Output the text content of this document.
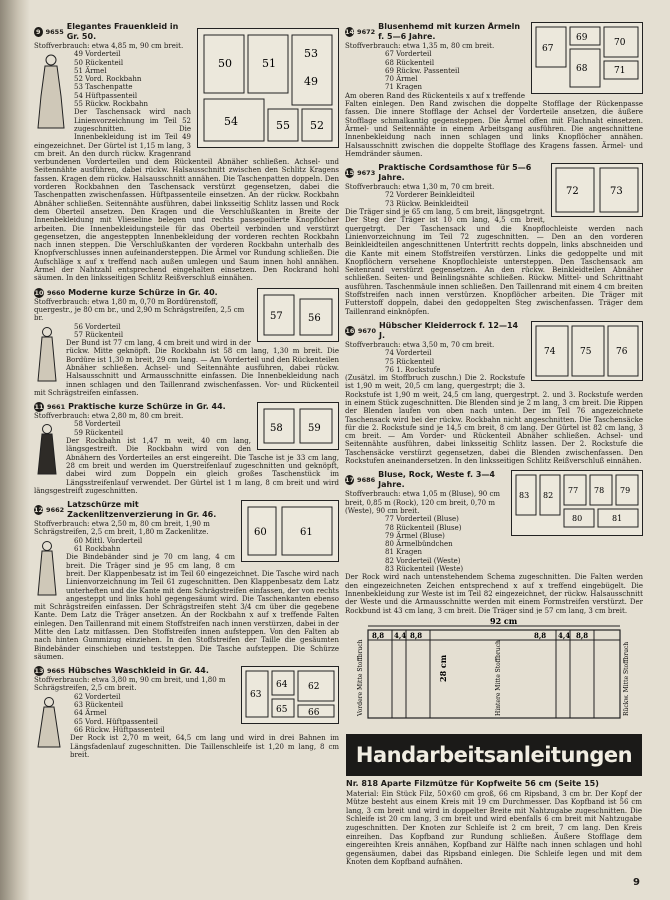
50	51
53
49
54	55 52
9 9655
Elegantes Frauenkleid in Gr. 50.
Stoffverbrauch: etwa 4,85 m, 90 cm breit.
49 Vorderteil
50 Rückenteil
51 Ärmel
52 Vord. Rockbahn
53 Taschenpatte
54 Hüftpassenteil
55 Rückw. Rockbahn
Der Taschensack wird nach Linienvorzeichnung im Teil 52 zugeschnitten. Die Innenbekleidung ist im Teil 49 eingezeichnet. Der Gürtel ist 1,15 m lang, 3 cm breit. An den durch rückw. Kragenrand verbundenen Vorderteilen und dem Rückenteil Abnäher schließen. Achsel- und Seitennähte ausführen, dabei rückw. Halsausschnitt zwischen den Schlitz Kragens fassen. Kragen dem rückw. Halsausschnitt annähen. Die Taschenpatten doppeln. Den vorderen Rockbahnen den Taschensack verstürzt gegensetzen, dabei die Taschenpatten zwischenfassen. Hüftpassenteile einsetzen. An der rückw. Rockbahn Abnäher schließen. Seitennähte ausführen, dabei linksseitig Schlitz lassen und Rock dem Oberteil ansetzen. Den Kragen und die Verschlußkanten in Breite der Innenbekleidung mit Vlieseline belegen und rechts passepoilierte Knopflöcher arbeiten. Die Innenbekleidungsteile für das Oberteil verbinden und verstürzt gegensetzen, die angesteppten Innenbekleidung der vorderen rechten Rockbahn nach innen steppen. Die Verschlußkanten der vorderen Rockbahn unterhalb des Knopfverschlusses innen aufeinandersteppen. Die Ärmel vor Rundung schließen. Die Aufschläge x auf x treffend nach außen umlegen und Saum innen hohl annähen. Ärmel der Nahtzahl entsprechend eingehalten einsetzen. Den Rockrand hohl säumen. In den linksseitigen Schlitz Reißverschluß einnähen.
57	56
10 9660 Moderne kurze Schürze in Gr. 40.
Stoffverbrauch: etwa 1,80 m, 0,70 m Bordürenstoff, quergestr., je 80 cm br., und 2,90 m Schrägstreifen, 2,5 cm br.
56 Vorderteil
57 Rückenteil
Der Bund ist 77 cm lang, 4 cm breit und wird in der rückw. Mitte geknöpft. Die Rockbahn ist 58 cm lang, 1,30 m breit. Die Bordüre ist 1,30 m breit, 29 cm lang. — Am Vorderteil und den Rückenteilen Abnäher schließen. Achsel- und Seitennähte ausführen, dabei rückw. Halsausschnitt und Armausschnitte einfassen. Die Innenbekleidung nach innen schlagen und den Taillenrand zwischenfassen. Vor- und Rückenteil mit Schrägstreifen einfassen.
58	59
11 9661 Praktische kurze Schürze in Gr. 44.
Stoffverbrauch: etwa 2,80 m, 80 cm breit.
58 Vorderteil
59 Rückenteil
Der Rockbahn ist 1,47 m weit, 40 cm lang, längsgestreift. Die Rockbahn wird von den Abnähern des Vorderteiles an erst eingereiht. Die Tasche ist je 33 cm lang, 28 cm breit und werden im Querstreifenlauf zugeschnitten und geknöpft, dabei wird zum Doppeln ein gleich großes Taschenstück im Längsstreifenlauf verwendet. Der Gürtel ist 1 m lang, 8 cm breit und wird längsgestreift zugeschnitten.
60	61
12 9662
Latzschürze mit Zackenlitzenverzierung in Gr. 46.
Stoffverbrauch: etwa 2,50 m, 80 cm breit, 1,90 m Schrägstreifen, 2,5 cm breit, 1,80 m Zackenlitze.
60 Mittl. Vorderteil
61 Rockbahn
Die Bindebänder sind je 70 cm lang, 4 cm breit. Die Träger sind je 95 cm lang, 8 cm breit. Der Klappenbesatz ist im Teil 60 eingezeichnet. Die Tasche wird nach Linienvorzeichnung im Teil 61 zugeschnitten. Den Klappenbesatz dem Latz unterheften und die Kante mit dem Schrägstreifen einfassen, der von rechts angesteppt und links hohl gegengesäumt wird. Die Taschenkanten ebenso mit Schrägstreifen einfassen. Der Schrägstreifen steht 3/4 cm über die gegebene Kante. Dem Latz die Träger ansetzen. An der Rockbahn x auf x treffende Falten einlegen. Den Taillenrand mit einem Stoffstreifen nach innen verstürzen, dabei in der Mitte den Latz mitfassen. Den Stoffstreifen innen aufsteppen. Von den Falten ab nach hinten Gummizug einziehen. In den Stoffstreifen der Taille die gesäumten Bindebänder einschieben und teststeppen. Die Tasche aufsteppen. Die Schürze säumen.
63
64 62
65 66
13 9665 Hübsches Waschkleid in Gr. 44.
Stoffverbrauch: etwa 3,80 m, 90 cm breit, und 1,80 m Schrägstreifen, 2,5 cm breit.
62 Vorderteil
63 Rückenteil
64 Ärmel
65 Vord. Hüftpassenteil
66 Rückw. Hüftpassenteil
Der Rock ist 2,70 m weit, 64,5 cm lang und wird in drei Bahnen im Längsfadenlauf zugeschnitten. Die Taillenschleife ist 1,20 m lang, 8 cm breit.
67
69
68
70
71
14 9672
Blusenhemd mit kurzen Ärmeln f. 5—6 Jahre.
Stoffverbrauch: etwa 1,35 m, 80 cm breit.
67 Vorderteil
68 Rückenteil
69 Rückw. Passenteil
70 Ärmel
71 Kragen
Am oberen Rand des Rückenteils x auf x treffende Falten einlegen. Den Rand zwischen die doppelte Stofflage der Rückenpasse fassen. Die innere Stofflage der Achsel der Vorderteile ansetzen, die äußere Stofflage schmalkantig gegensteppen. Die Ärmel offen mit Flachnaht einsetzen. Ärmel- und Seitennähte in einem Arbeitsgang ausführen. Die angeschnittene Innenbekleidung nach innen schlagen und links Knopflöcher annähen. Halsausschnitt zwischen die doppelte Stofflage des Kragens fassen. Ärmel- und Hemdränder säumen.
72	73
15 9673
Praktische Cordsamthose für 5—6 Jahre.
Stoffverbrauch: etwa 1,30 m, 70 cm breit.
72 Vorderer Beinkleidteil
73 Rückw. Beinkleidteil
Die Träger sind je 65 cm lang, 5 cm breit, längsgetrgnt. Der Steg der Träger ist 10 cm lang, 4,5 cm breit, quergetrgt. Der Taschensack und die Knopflochleiste werden nach Linienvorzeichnung im Teil 72 zugeschnitten. — Den an den vorderen Beinkleidteilen angeschnittenen Untertritt rechts doppeln, links abschneiden und die Kante mit einem Stoffstreifen verstürzen. Links die gedoppelte und mit Knopflöchern versehene Knopflochleiste untersteppen. Den Taschensack am Seitenrand verstürzt gegensetzen. An den rückw. Beinkleidteilen Abnäher schließen. Seiten- und Beinlingsnähte schließen. Rückw. Mittel- und Schrittnaht ausführen. Taschenmäule innen schließen. Den Taillenrand mit einem 4 cm breiten Stoffstreifen nach innen verstürzen. Knopflöcher arbeiten. Die Träger mit Futterstoff doppeln, dabei den gedoppelten Steg zwischenfassen. Träger dem Taillenrand einknöpfen.
74	75	76
16 9670
Hübscher Kleiderrock f. 12—14 J.
Stoffverbrauch: etwa 3,50 m, 70 cm breit.
74 Vorderteil
75 Rückenteil
76 1. Rockstufe
(Zusätzl. im Stoffbruch zuschn.) Die 2. Rockstufe ist 1,90 m weit, 20,5 cm lang, quergestrpt; die 3. Rockstufe ist 1,90 m weit, 24,5 cm lang, quergestrpt. 2. und 3. Rockstufe werden in einem Stück zugeschnitten. Die Blenden sind je 2 m lang, 3 cm breit. Die Rippen der Blenden laufen von oben nach unten. Der im Teil 76 angezeichnete Taschensack wird bei der rückw. Rockbahn nicht angeschnitten. Die Taschensäcke für die 2. Rockstufe sind je 14,5 cm breit, 8 cm lang. Der Gürtel ist 82 cm lang, 3 cm breit. — Am Vorder- und Rückenteil Abnäher schließen. Achsel- und Seitennähte ausführen, dabei linksseitig Schlitz lassen. Der 2. Rockstufe die Taschensäcke verstürzt gegensetzen, dabei die Blenden zwischenfassen. Den Rockstufen aneinandersetzen. In den linksseitigen Schlitz Reißverschluß einnähen.
83 82
77 78 79
80	81
17 9686
Bluse, Rock, Weste f. 3—4 Jahre.
Stoffverbrauch: etwa 1,05 m (Bluse), 90 cm breit, 0,85 m (Rock), 120 cm breit, 0,70 m (Weste), 90 cm breit.
77 Vorderteil (Bluse)
78 Rückenteil (Bluse)
79 Ärmel (Bluse)
80 Ärmelbündchen
81 Kragen
82 Vorderteil (Weste)
83 Rückenteil (Weste)
Der Rock wird nach untenstehendem Schema zugeschnitten. Die Falten werden den eingezeichneten Zeichen entsprechend x auf x treffend eingebügelt. Die Innenbekleidung zur Weste ist im Teil 82 eingezeichnet, der rückw. Halsausschnitt der Weste und die Armausschnitte werden mit einem Formstreifen verstürzt. Der Rockbund ist 43 cm lang, 3 cm breit. Die Träger sind je 57 cm lang, 3 cm breit.
92 cm
8,8 4,4 8,8	8,8 4,4 8,8
28 cm
Vordere Mitte Stoffbruch	Rückw. Mitte Stoffbruch
Hintere Mitte Stoffbruch
Handarbeitsanleitungen
Nr. 818 Aparte Filzmütze für Kopfweite 56 cm (Seite 15)
Material: Ein Stück Filz, 50×60 cm groß, 66 cm Ripsband, 3 cm br. Der Kopf der Mütze besteht aus einem Kreis mit 19 cm Durchmesser. Das Kopfband ist 56 cm lang, 3 cm breit und wird in doppelter Breite mit Nahtzugabe zugeschnitten. Die Schleife ist 20 cm lang, 3 cm breit und wird ebenfalls 6 cm breit mit Nahtzugabe zugeschnitten. Der Knoten zur Schleife ist 2 cm breit, 7 cm lang. Den Kreis einreihen. Das Kopfband zur Rundung schließen. Äußere Stofflage dem eingereihten Kreis annähen, Kopfband zur Hälfte nach innen schlagen und hohl gegensäumen, dabei das Ripsband einlegen. Die Schleife legen und mit dem Knoten dem Kopfband aufnähen.
9
